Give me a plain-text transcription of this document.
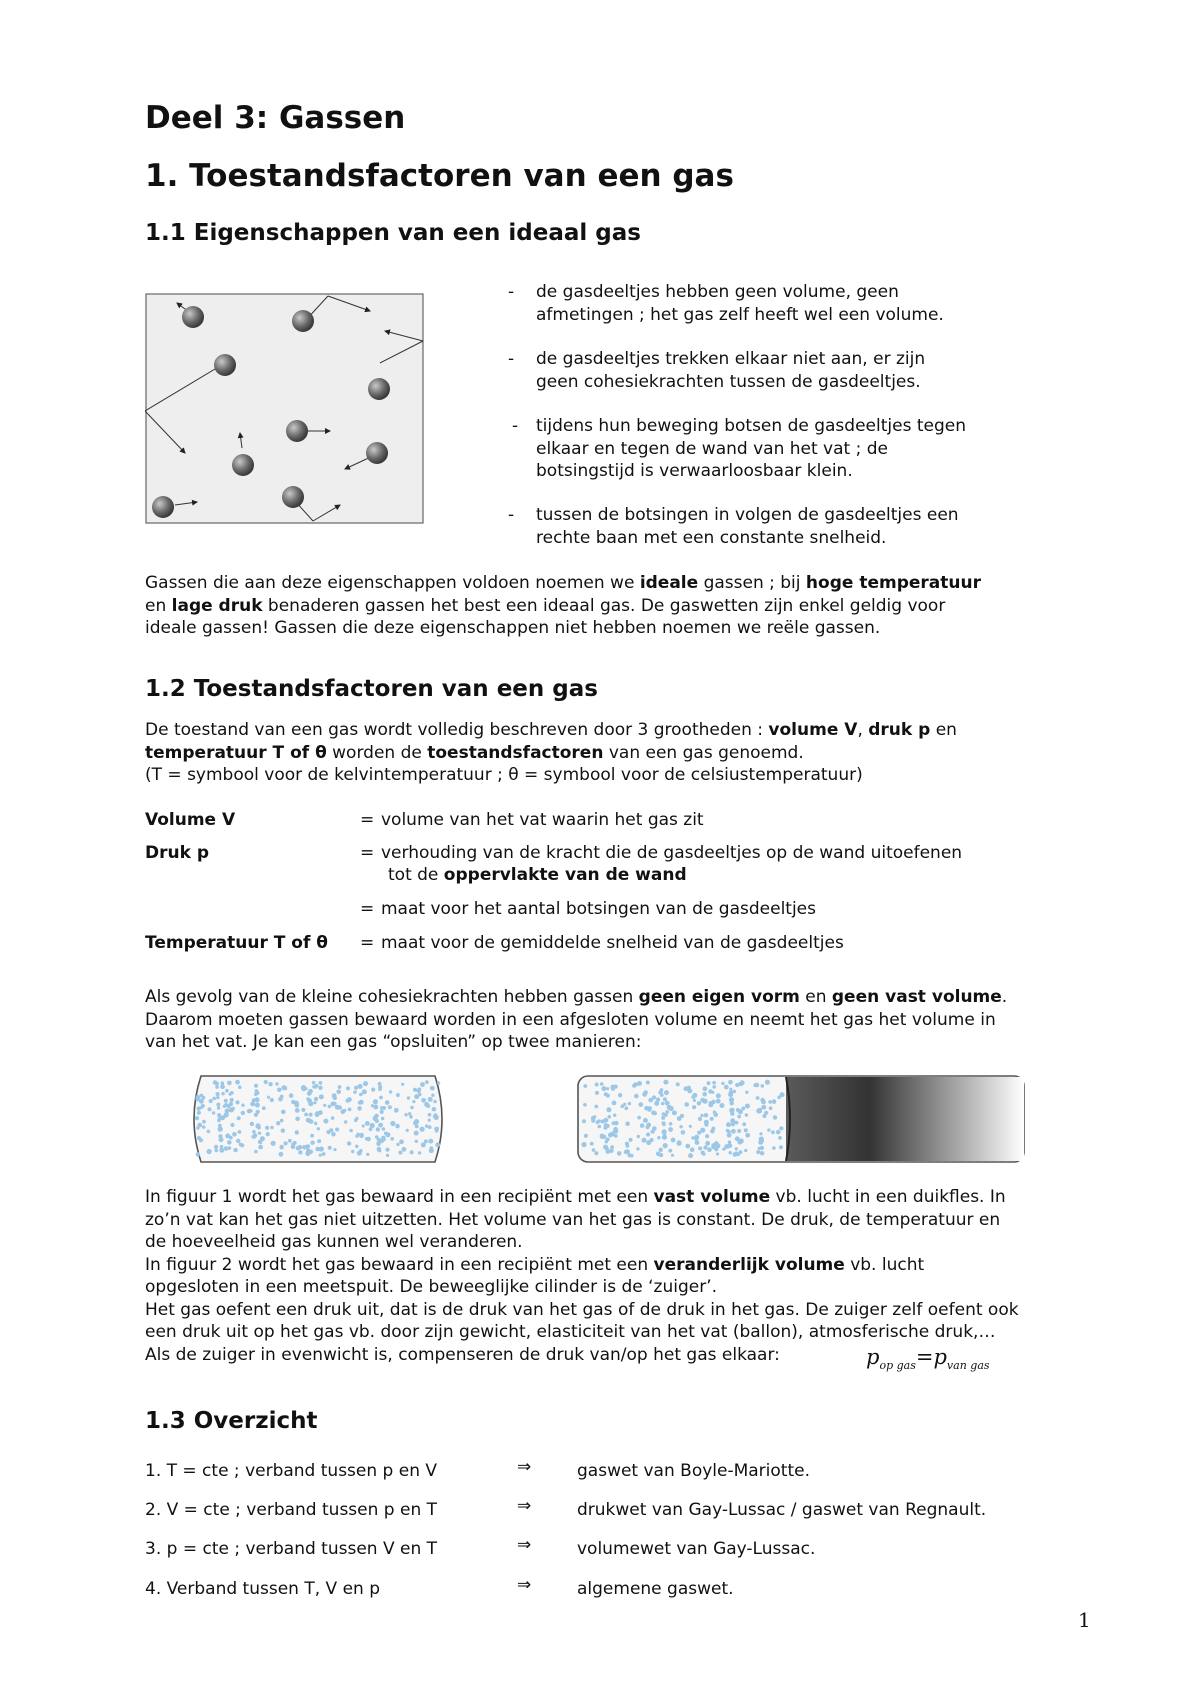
Deel 3: Gassen
1. Toestandsfactoren van een gas
1.1 Eigenschappen van een ideaal gas
- de gasdeeltjes hebben geen volume, geen
afmetingen ; het gas zelf heeft wel een volume.
- de gasdeeltjes trekken elkaar niet aan, er zijn
geen cohesiekrachten tussen de gasdeeltjes.
- tijdens hun beweging botsen de gasdeeltjes tegen
elkaar en tegen de wand van het vat ; de
botsingstijd is verwaarloosbaar klein.
- tussen de botsingen in volgen de gasdeeltjes een
rechte baan met een constante snelheid.
Gassen die aan deze eigenschappen voldoen noemen we ideale gassen ; bij hoge temperatuur
en lage druk benaderen gassen het best een ideaal gas. De gaswetten zijn enkel geldig voor
ideale gassen! Gassen die deze eigenschappen niet hebben noemen we reële gassen.
1.2 Toestandsfactoren van een gas
De toestand van een gas wordt volledig beschreven door 3 grootheden : volume V, druk p en
temperatuur T of θ worden de toestandsfactoren van een gas genoemd.
(T = symbool voor de kelvintemperatuur ; θ = symbool voor de celsiustemperatuur)
Volume V	= volume van het vat waarin het gas zit
Druk p	= verhouding van de kracht die de gasdeeltjes op de wand uitoefenen
tot de oppervlakte van de wand
= maat voor het aantal botsingen van de gasdeeltjes
Temperatuur T of θ = maat voor de gemiddelde snelheid van de gasdeeltjes
Als gevolg van de kleine cohesiekrachten hebben gassen geen eigen vorm en geen vast volume.
Daarom moeten gassen bewaard worden in een afgesloten volume en neemt het gas het volume in
van het vat. Je kan een gas “opsluiten” op twee manieren:
In figuur 1 wordt het gas bewaard in een recipiënt met een vast volume vb. lucht in een duikfles. In
zo’n vat kan het gas niet uitzetten. Het volume van het gas is constant. De druk, de temperatuur en
de hoeveelheid gas kunnen wel veranderen.
In figuur 2 wordt het gas bewaard in een recipiënt met een veranderlijk volume vb. lucht
opgesloten in een meetspuit. De beweeglijke cilinder is de ‘zuiger’.
Het gas oefent een druk uit, dat is de druk van het gas of de druk in het gas. De zuiger zelf oefent ook
een druk uit op het gas vb. door zijn gewicht, elasticiteit van het vat (ballon), atmosferische druk,…
Als de zuiger in evenwicht is, compenseren de druk van/op het gas elkaar:	$p_{op gas}=p_{van gas}$
1.3 Overzicht
1. T = cte ; verband tussen p en V	⇒	gaswet van Boyle-Mariotte.
2. V = cte ; verband tussen p en T	⇒	drukwet van Gay-Lussac / gaswet van Regnault.
3. p = cte ; verband tussen V en T	⇒	volumewet van Gay-Lussac.
4. Verband tussen T, V en p	⇒	algemene gaswet.
1
